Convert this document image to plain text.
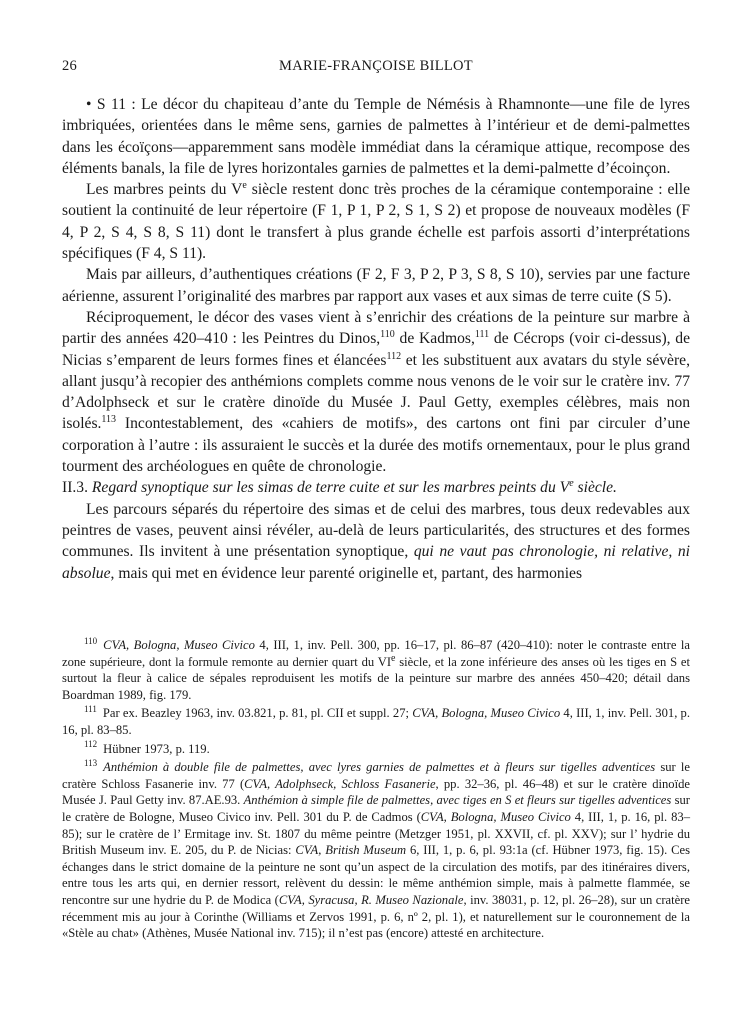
26	MARIE-FRANÇOISE BILLOT

• S 11 : Le décor du chapiteau d’ante du Temple de Némésis à Rhamnonte—une file de lyres imbriquées, orientées dans le même sens, garnies de palmettes à l’intérieur et de demi-palmettes dans les écoïçons—apparemment sans modèle immédiat dans la céramique attique, recompose des éléments banals, la file de lyres horizontales garnies de palmettes et la demi-palmette d’écoinçon.

Les marbres peints du Ve siècle restent donc très proches de la céramique contemporaine : elle soutient la continuité de leur répertoire (F 1, P 1, P 2, S 1, S 2) et propose de nouveaux modèles (F 4, P 2, S 4, S 8, S 11) dont le transfert à plus grande échelle est parfois assorti d’interprétations spécifiques (F 4, S 11).

Mais par ailleurs, d’authentiques créations (F 2, F 3, P 2, P 3, S 8, S 10), servies par une facture aérienne, assurent l’originalité des marbres par rapport aux vases et aux simas de terre cuite (S 5).

Réciproquement, le décor des vases vient à s’enrichir des créations de la peinture sur marbre à partir des années 420–410 : les Peintres du Dinos,$^{110}$ de Kadmos,$^{111}$ de Cécrops (voir ci-dessus), de Nicias s’emparent de leurs formes fines et élancées$^{112}$ et les substituent aux avatars du style sévère, allant jusqu’à recopier des anthémions complets comme nous venons de le voir sur le cratère inv. 77 d’Adolphseck et sur le cratère dinoïde du Musée J. Paul Getty, exemples célèbres, mais non isolés.$^{113}$ Incontestablement, des «cahiers de motifs», des cartons ont fini par circuler d’une corporation à l’autre : ils assuraient le succès et la durée des motifs ornementaux, pour le plus grand tourment des archéologues en quête de chronologie.

II.3. Regard synoptique sur les simas de terre cuite et sur les marbres peints du Ve siècle.

Les parcours séparés du répertoire des simas et de celui des marbres, tous deux redevables aux peintres de vases, peuvent ainsi révéler, au-delà de leurs particularités, des structures et des formes communes. Ils invitent à une présentation synoptique, qui ne vaut pas chronologie, ni relative, ni absolue, mais qui met en évidence leur parenté originelle et, partant, des harmonies

$^{110}$ CVA, Bologna, Museo Civico 4, III, 1, inv. Pell. 300, pp. 16–17, pl. 86–87 (420–410): noter le contraste entre la zone supérieure, dont la formule remonte au dernier quart du VIe siècle, et la zone inférieure des anses où les tiges en S et surtout la fleur à calice de sépales reproduisent les motifs de la peinture sur marbre des années 450–420; détail dans Boardman 1989, fig. 179.

$^{111}$ Par ex. Beazley 1963, inv. 03.821, p. 81, pl. CII et suppl. 27; CVA, Bologna, Museo Civico 4, III, 1, inv. Pell. 301, p. 16, pl. 83–85.

$^{112}$ Hübner 1973, p. 119.

$^{113}$ Anthémion à double file de palmettes, avec lyres garnies de palmettes et à fleurs sur tigelles adventices sur le cratère Schloss Fasanerie inv. 77 (CVA, Adolphseck, Schloss Fasanerie, pp. 32–36, pl. 46–48) et sur le cratère dinoïde Musée J. Paul Getty inv. 87.AE.93. Anthémion à simple file de palmettes, avec tiges en S et fleurs sur tigelles adventices sur le cratère de Bologne, Museo Civico inv. Pell. 301 du P. de Cadmos (CVA, Bologna, Museo Civico 4, III, 1, p. 16, pl. 83–85); sur le cratère de l’ Ermitage inv. St. 1807 du même peintre (Metzger 1951, pl. XXVII, cf. pl. XXV); sur l’ hydrie du British Museum inv. E. 205, du P. de Nicias: CVA, British Museum 6, III, 1, p. 6, pl. 93:1a (cf. Hübner 1973, fig. 15). Ces échanges dans le strict domaine de la peinture ne sont qu’un aspect de la circulation des motifs, par des itinéraires divers, entre tous les arts qui, en dernier ressort, relèvent du dessin: le même anthémion simple, mais à palmette flammée, se rencontre sur une hydrie du P. de Modica (CVA, Syracusa, R. Museo Nazionale, inv. 38031, p. 12, pl. 26–28), sur un cratère récemment mis au jour à Corinthe (Williams et Zervos 1991, p. 6, nº 2, pl. 1), et naturellement sur le couronnement de la «Stèle au chat» (Athènes, Musée National inv. 715); il n’est pas (encore) attesté en architecture.
